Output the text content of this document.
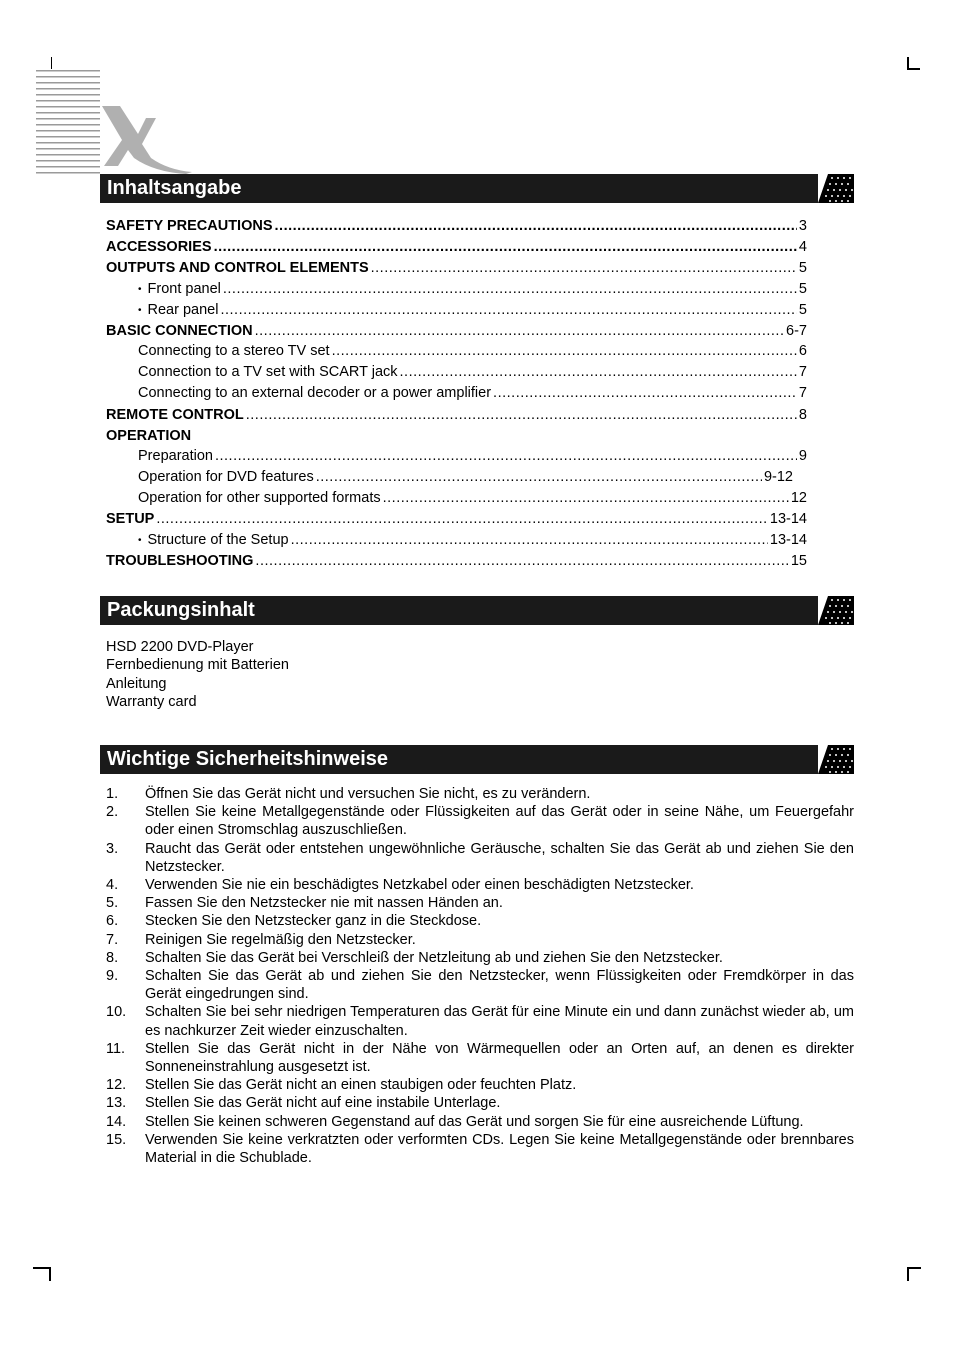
Inhaltsangabe
SAFETY PRECAUTIONS .....	3
ACCESSORIES .....	4
OUTPUTS AND CONTROL ELEMENTS .....	5
• Front panel .....	5
• Rear panel .....	5
BASIC CONNECTION .....	6-7
Connecting to a stereo TV set .....	6
Connection to a TV set with SCART jack .....	7
Connecting to an external decoder or a power amplifier .....	7
REMOTE CONTROL .....	8
OPERATION
Preparation .....	9
Operation for DVD features .....	9-12
Operation for other supported formats .....	12
SETUP .....	13-14
• Structure of the Setup .....	13-14
TROUBLESHOOTING .....	15
Packungsinhalt
HSD 2200 DVD-Player
Fernbedienung mit Batterien
Anleitung
Warranty card
Wichtige Sicherheitshinweise
1.	Öffnen Sie das Gerät nicht und versuchen Sie nicht, es zu verändern.
2.	Stellen Sie keine Metallgegenstände oder Flüssigkeiten auf das Gerät oder in seine Nähe, um Feuergefahr oder einen Stromschlag auszuschließen.
3.	Raucht das Gerät oder entstehen ungewöhnliche Geräusche, schalten Sie das Gerät ab und ziehen Sie den Netzstecker.
4.	Verwenden Sie nie ein beschädigtes Netzkabel oder einen beschädigten Netzstecker.
5.	Fassen Sie den Netzstecker nie mit nassen Händen an.
6.	Stecken Sie den Netzstecker ganz in die Steckdose.
7.	Reinigen Sie regelmäßig den Netzstecker.
8.	Schalten Sie das Gerät bei Verschleiß der Netzleitung ab und ziehen Sie den Netzstecker.
9.	Schalten Sie das Gerät ab und ziehen Sie den Netzstecker, wenn Flüssigkeiten oder Fremdkörper in das Gerät eingedrungen sind.
10.	Schalten Sie bei sehr niedrigen Temperaturen das Gerät für eine Minute ein und dann zunächst wieder ab, um es nachkurzer Zeit wieder einzuschalten.
11.	Stellen Sie das Gerät nicht in der Nähe von Wärmequellen oder an Orten auf, an denen es direkter Sonneneinstrahlung ausgesetzt ist.
12.	Stellen Sie das Gerät nicht an einen staubigen oder feuchten Platz.
13.	Stellen Sie das Gerät nicht auf eine instabile Unterlage.
14.	Stellen Sie keinen schweren Gegenstand auf das Gerät und sorgen Sie für eine ausreichende Lüftung.
15.	Verwenden Sie keine verkratzten oder verformten CDs. Legen Sie keine Metallgegenstände oder brennbares Material in die Schublade.
